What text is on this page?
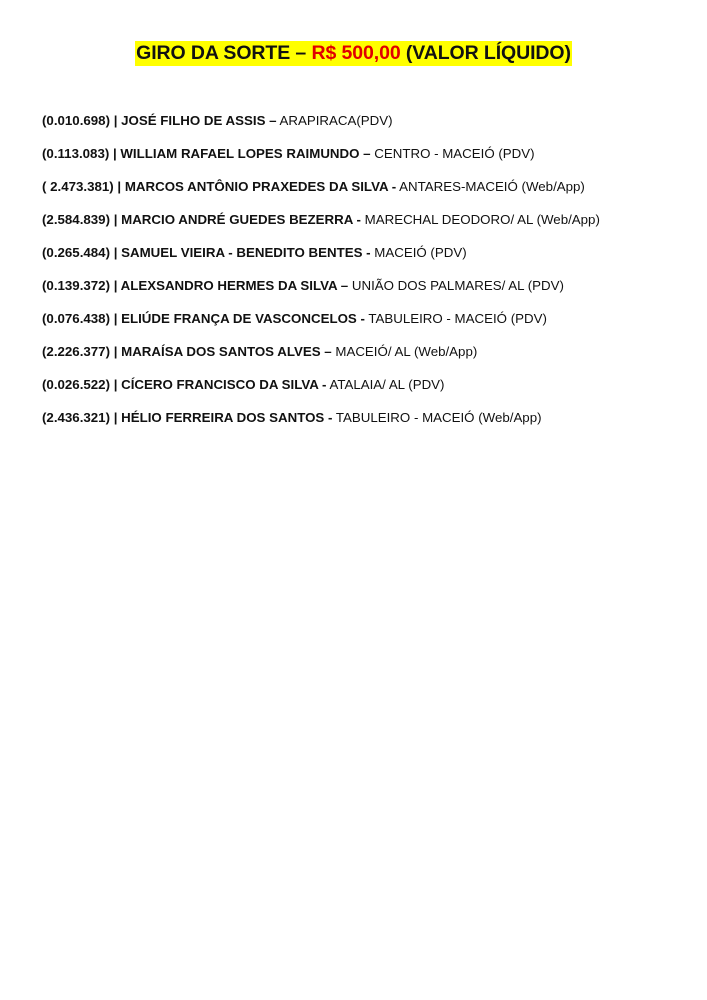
GIRO DA SORTE – R$ 500,00 (VALOR LÍQUIDO)
(0.010.698) | JOSÉ FILHO DE ASSIS – ARAPIRACA(PDV)
(0.113.083) | WILLIAM RAFAEL LOPES RAIMUNDO – CENTRO - MACEIÓ (PDV)
( 2.473.381) | MARCOS ANTÔNIO PRAXEDES DA SILVA - ANTARES-MACEIÓ (Web/App)
(2.584.839) | MARCIO ANDRÉ GUEDES BEZERRA - MARECHAL DEODORO/ AL (Web/App)
(0.265.484) | SAMUEL VIEIRA - BENEDITO BENTES - MACEIÓ (PDV)
(0.139.372) | ALEXSANDRO HERMES DA SILVA – UNIÃO DOS PALMARES/ AL (PDV)
(0.076.438) | ELIÚDE FRANÇA DE VASCONCELOS - TABULEIRO - MACEIÓ (PDV)
(2.226.377) | MARAÍSA DOS SANTOS ALVES – MACEIÓ/ AL (Web/App)
(0.026.522) | CÍCERO FRANCISCO DA SILVA - ATALAIA/ AL (PDV)
(2.436.321) | HÉLIO FERREIRA DOS SANTOS - TABULEIRO - MACEIÓ (Web/App)
